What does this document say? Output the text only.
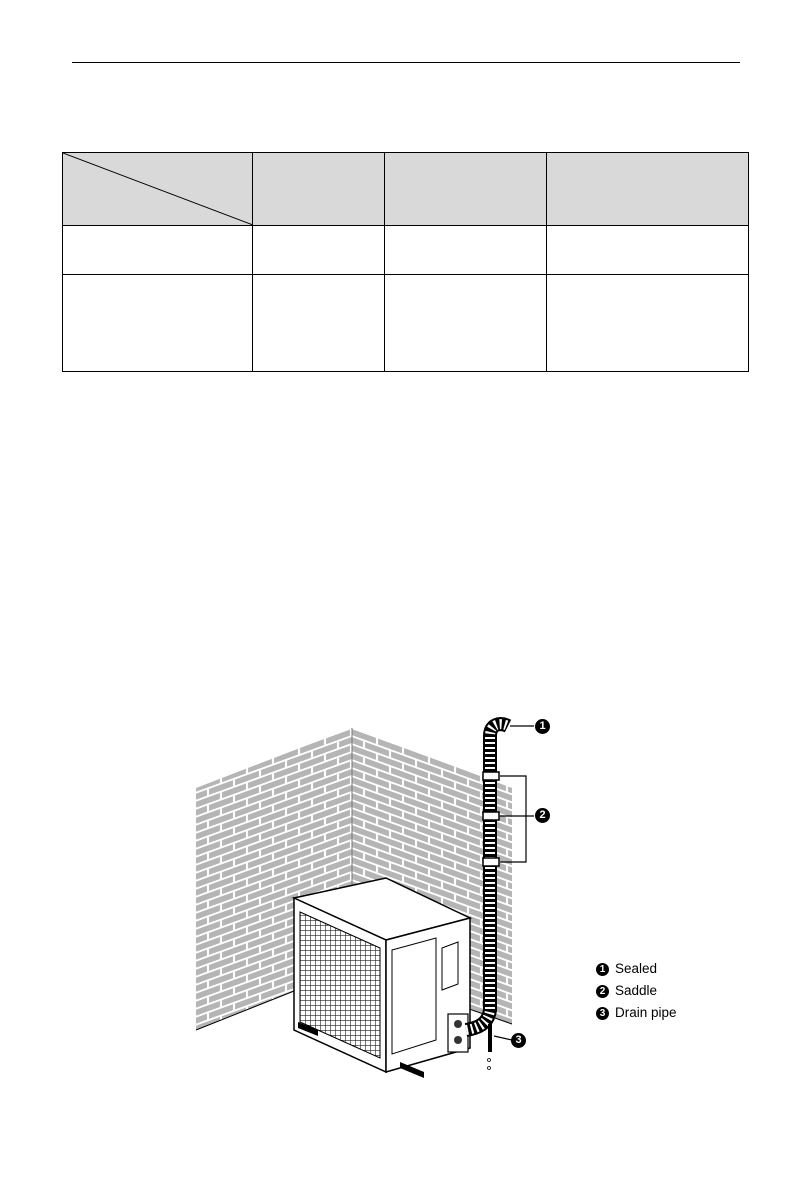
1
2
3
1 Sealed
2 Saddle
3 Drain pipe
